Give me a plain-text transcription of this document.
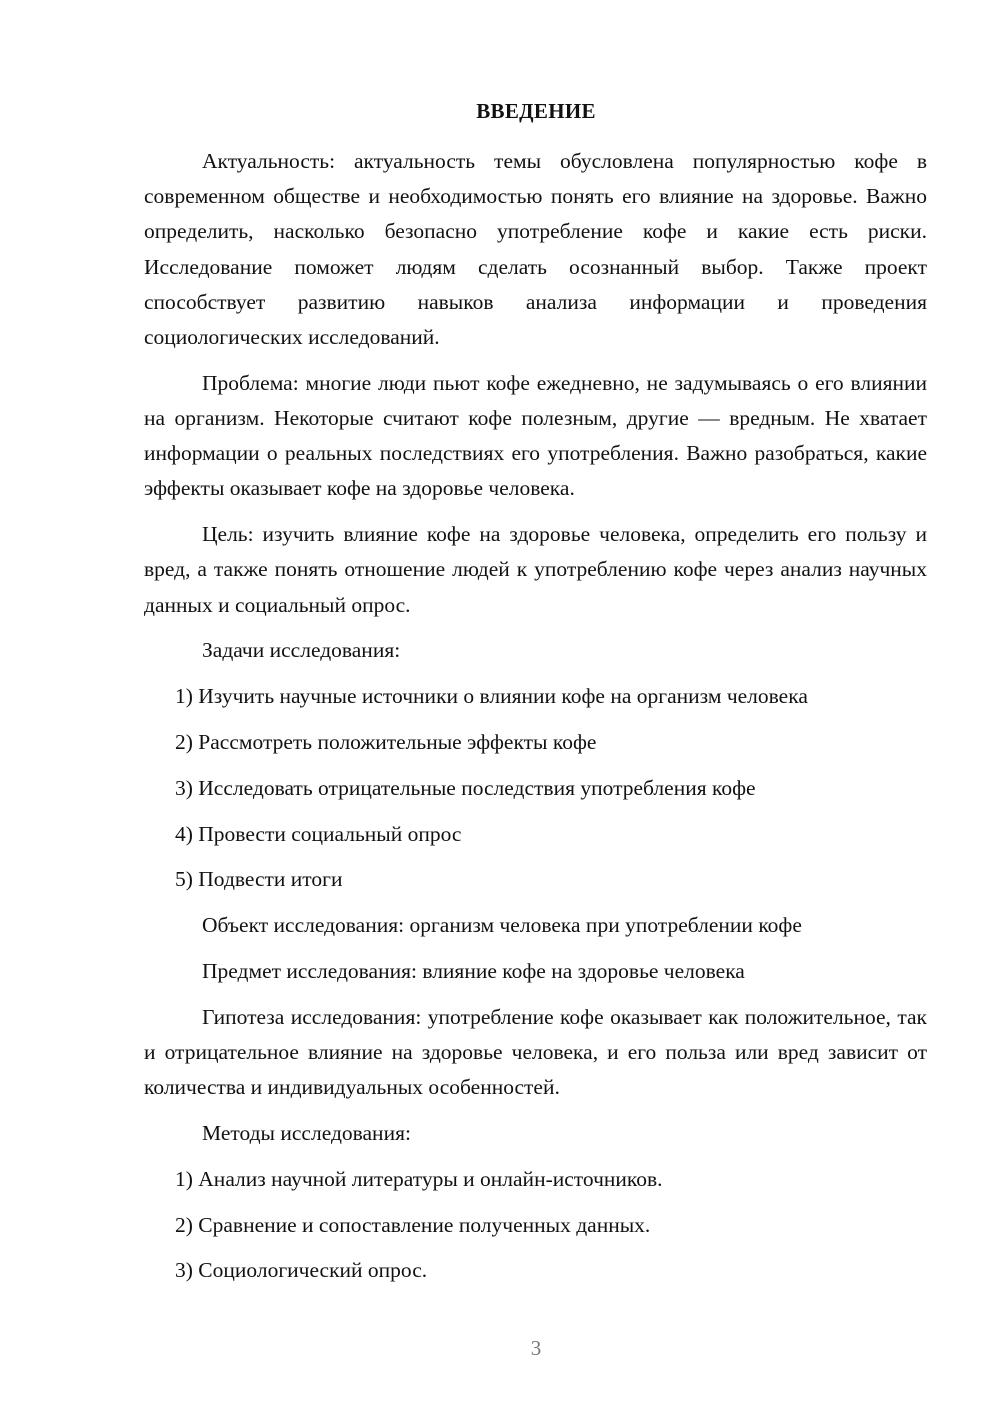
ВВЕДЕНИЕ

Актуальность: актуальность темы обусловлена популярностью кофе в современном обществе и необходимостью понять его влияние на здоровье. Важно определить, насколько безопасно употребление кофе и какие есть риски. Исследование поможет людям сделать осознанный выбор. Также проект способствует развитию навыков анализа информации и проведения социологических исследований.

Проблема: многие люди пьют кофе ежедневно, не задумываясь о его влиянии на организм. Некоторые считают кофе полезным, другие — вредным. Не хватает информации о реальных последствиях его употребления. Важно разобраться, какие эффекты оказывает кофе на здоровье человека.

Цель: изучить влияние кофе на здоровье человека, определить его пользу и вред, а также понять отношение людей к употреблению кофе через анализ научных данных и социальный опрос.

Задачи исследования:
1) Изучить научные источники о влиянии кофе на организм человека
2) Рассмотреть положительные эффекты кофе
3) Исследовать отрицательные последствия употребления кофе
4) Провести социальный опрос
5) Подвести итоги
Объект исследования: организм человека при употреблении кофе
Предмет исследования: влияние кофе на здоровье человека

Гипотеза исследования: употребление кофе оказывает как положительное, так и отрицательное влияние на здоровье человека, и его польза или вред зависит от количества и индивидуальных особенностей.

Методы исследования:
1) Анализ научной литературы и онлайн-источников.
2) Сравнение и сопоставление полученных данных.
3) Социологический опрос.
3
